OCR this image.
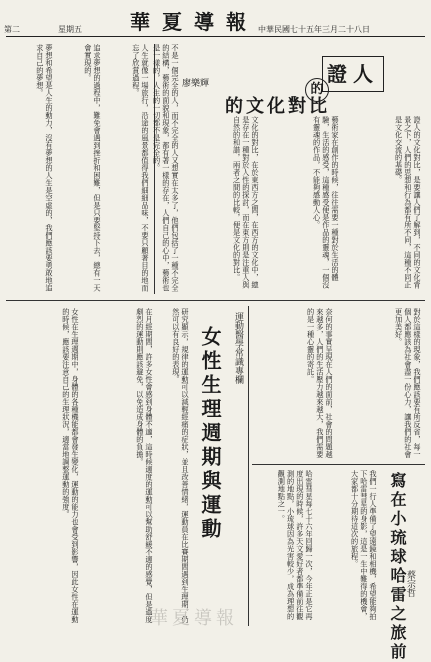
第二	星期五 華夏導報 中華民國七十五年三月二十八日
證人
的
的文化對比
廖樂輝
夢想和希望是人生的動力，沒有夢想的人生是空虛的，我們應該要勇敢地追求自己的夢想。	追求夢想的過程中，難免會遇到挫折和困難，但是只要堅持下去，總有一天會實現的。	人生就像一場旅行，沿途的風景都值得我們細細品味，不要只顧著目的地而忘了欣賞過程。	不是一個完全的人，而不完全的人又想實在太多了，他們包括了一種不完全的結構，藝術的面貌和現象，都有著一樣的存在，人們自己的心中，藝術也是一樣的，人生的一切都不是完全的。
文化的對比，在於東西方之間，在西方的文化中，總是存在一種對於人性的探討，而在東方則是注重人與自然的和諧，兩者之間的比較，便是文化的對比。	藝術家在創作的時候，往往需要一種對於生活的體驗，生活的感受，這種感受便是作品的靈魂，一個沒有靈魂的作品，不能夠感動人心。	證人的文化對比，是要讓人們了解到，不同的文化背景之下，人們的思想和行為都有所不同，這種不同正是文化交流的基礎。
女性在生理週期中，身體的各種機能都會發生變化，運動的能力也會受到影響，因此女性在運動的時候，應該要注意自己的生理狀況，適當地調整運動的強度。	在月經期間，許多女性會感到身體不適，這時候適度的運動可以幫助舒緩不適的感覺，但是過度劇烈的運動則應該避免，以免造成身體的負擔。	研究顯示，規律的運動可以減輕經痛的症狀，並且改善情緒，運動員在比賽期間遇到生理期，仍然可以有良好的表現。	運動醫學常識專欄
女性生理週期與運動	奈何的事實呈現在人們的面前，社會的問題越來越多，人們的生活壓力越來越大，我們需要的是一種心靈的寄託。	對於這樣的現象，我們應該要有所反省，每一個人都應該為社會盡一份心力，讓我們的社會更加美好。
哈雷彗星每七十六年回歸一次，今年正是它再度出現的時候，許多天文愛好者都準備前往觀測的地點，小琉球因為光害較少，成為理想的觀測地點之一。	我們一行人準備了望遠鏡和相機，希望能夠拍下哈雷彗星的身影，這是一生中難得的機會，大家都十分期待這次的旅程。	寫在小琉球哈雷之旅前
蔡宗哲
華夏導報
